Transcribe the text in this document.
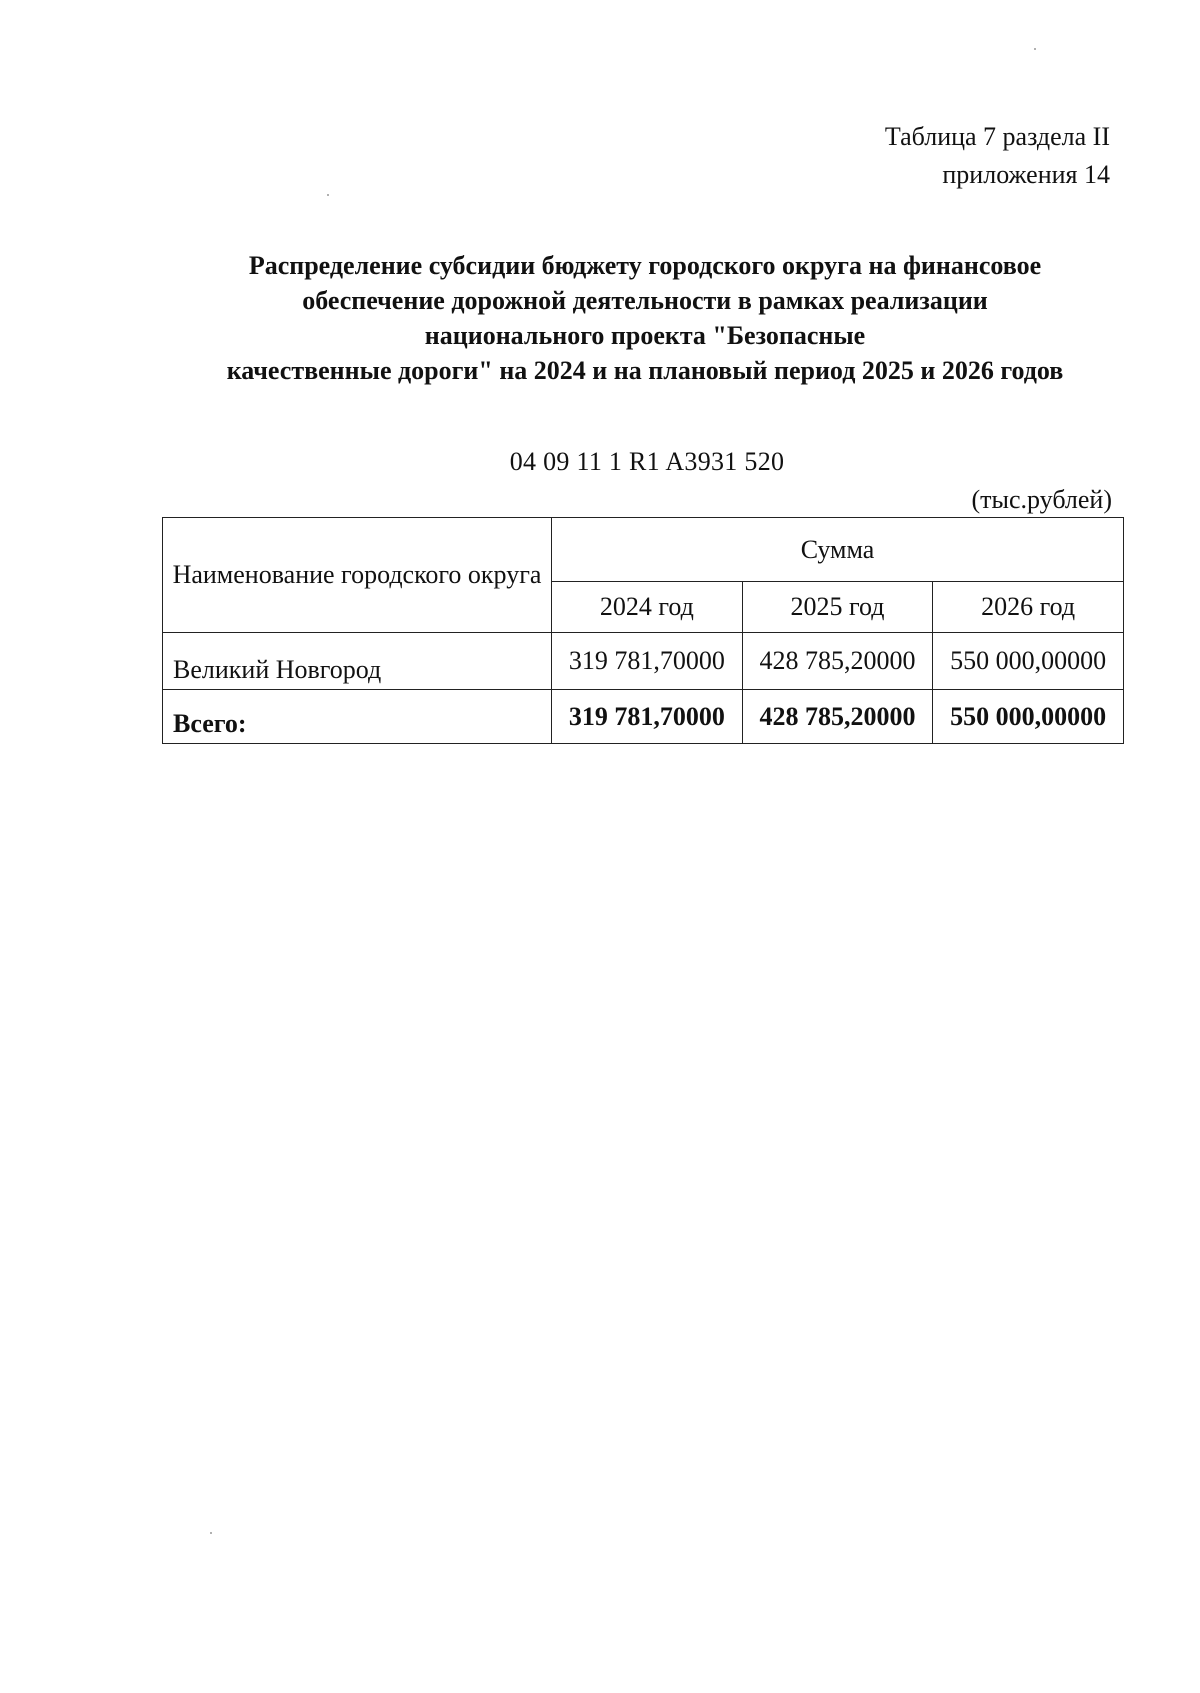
Таблица 7 раздела II
приложения 14
Распределение субсидии бюджету городского округа на финансовое
обеспечение дорожной деятельности в рамках реализации
национального проекта "Безопасные
качественные дороги" на 2024 и на плановый период 2025 и 2026 годов
04 09 11 1 R1 A3931 520
(тыс.рублей)
Наименование городского округа	Сумма		
	2024 год	2025 год	2026 год
Великий Новгород	319 781,70000	428 785,20000	550 000,00000
Всего:	319 781,70000	428 785,20000	550 000,00000
